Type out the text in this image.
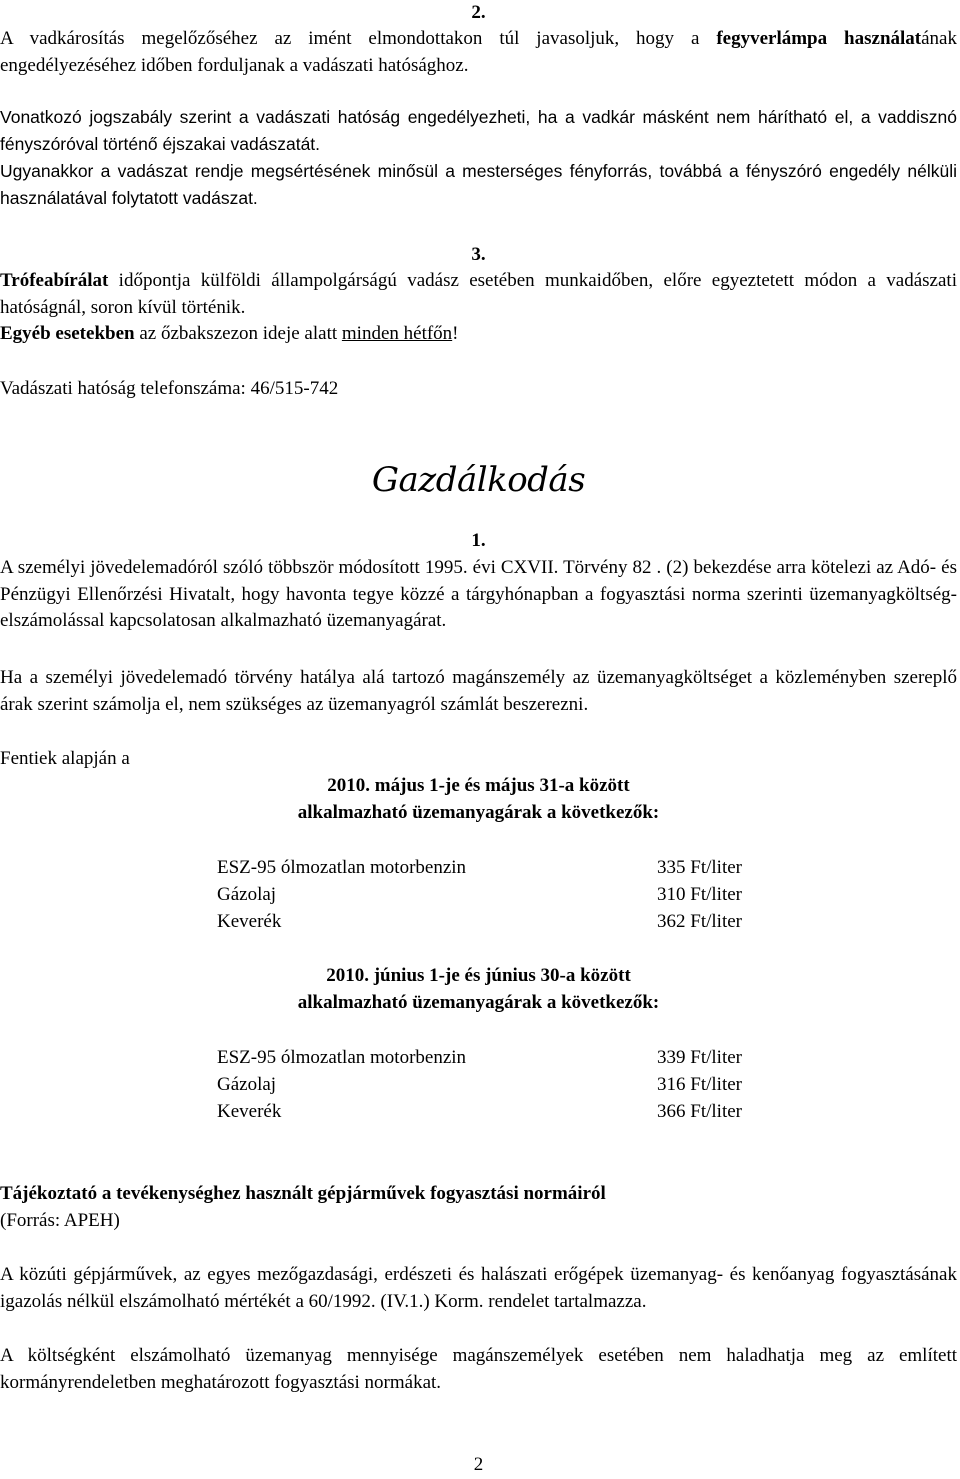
2.

A vadkárosítás megelőzőséhez az imént elmondottakon túl javasoljuk, hogy a fegyverlámpa használatának engedélyezéséhez időben forduljanak a vadászati hatósághoz.

Vonatkozó jogszabály szerint a vadászati hatóság engedélyezheti, ha a vadkár másként nem hárítható el, a vaddisznó fényszóróval történő éjszakai vadászatát.

Ugyanakkor a vadászat rendje megsértésének minősül a mesterséges fényforrás, továbbá a fényszóró engedély nélküli használatával folytatott vadászat.

3.

Trófeabírálat időpontja külföldi állampolgárságú vadász esetében munkaidőben, előre egyeztetett módon a vadászati hatóságnál, soron kívül történik.

Egyéb esetekben az őzbakszezon ideje alatt minden hétfőn!

Vadászati hatóság telefonszáma: 46/515-742

Gazdálkodás
1.

A személyi jövedelemadóról szóló többször módosított 1995. évi CXVII. Törvény 82 . (2) bekezdése arra kötelezi az Adó- és Pénzügyi Ellenőrzési Hivatalt, hogy havonta tegye közzé a tárgyhónapban a fogyasztási norma szerinti üzemanyagköltség-elszámolással kapcsolatosan alkalmazható üzemanyagárat.

Ha a személyi jövedelemadó törvény hatálya alá tartozó magánszemély az üzemanyagköltséget a közleményben szereplő árak szerint számolja el, nem szükséges az üzemanyagról számlát beszerezni.

Fentiek alapján a

2010. május 1-je és május 31-a között
alkalmazható üzemanyagárak a következők:
ESZ-95 ólmozatlan motorbenzin	335 Ft/liter
Gázolaj	310 Ft/liter
Keverék	362 Ft/liter
2010. június 1-je és június 30-a között
alkalmazható üzemanyagárak a következők:
ESZ-95 ólmozatlan motorbenzin	339 Ft/liter
Gázolaj	316 Ft/liter
Keverék	366 Ft/liter

Tájékoztató a tevékenységhez használt gépjárművek fogyasztási normáiról

(Forrás: APEH)

A közúti gépjárművek, az egyes mezőgazdasági, erdészeti és halászati erőgépek üzemanyag- és kenőanyag fogyasztásának igazolás nélkül elszámolható mértékét a 60/1992. (IV.1.) Korm. rendelet tartalmazza.

A költségként elszámolható üzemanyag mennyisége magánszemélyek esetében nem haladhatja meg az említett kormányrendeletben meghatározott fogyasztási normákat.

2
